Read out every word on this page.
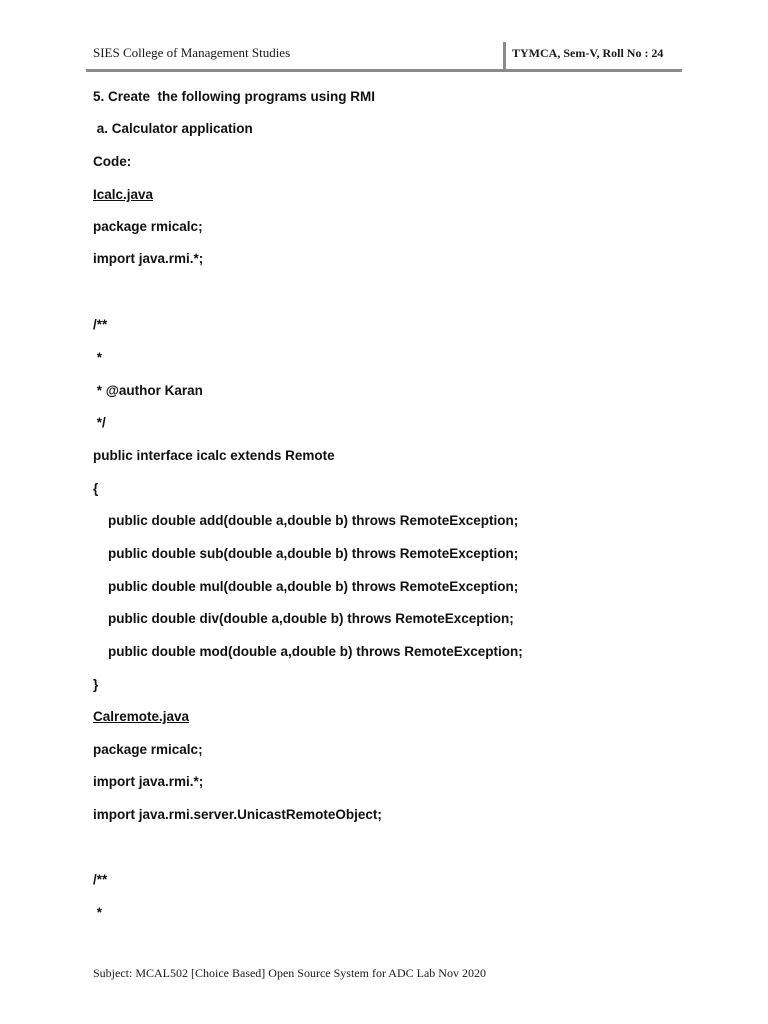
SIES College of Management Studies	TYMCA, Sem-V, Roll No : 24
5. Create  the following programs using RMI
a. Calculator application
Code:
Icalc.java
package rmicalc;
import java.rmi.*;
/**
*
* @author Karan
*/
public interface icalc extends Remote
{
public double add(double a,double b) throws RemoteException;
public double sub(double a,double b) throws RemoteException;
public double mul(double a,double b) throws RemoteException;
public double div(double a,double b) throws RemoteException;
public double mod(double a,double b) throws RemoteException;
}
Calremote.java
package rmicalc;
import java.rmi.*;
import java.rmi.server.UnicastRemoteObject;
/**
*
Subject: MCAL502 [Choice Based] Open Source System for ADC Lab Nov 2020
